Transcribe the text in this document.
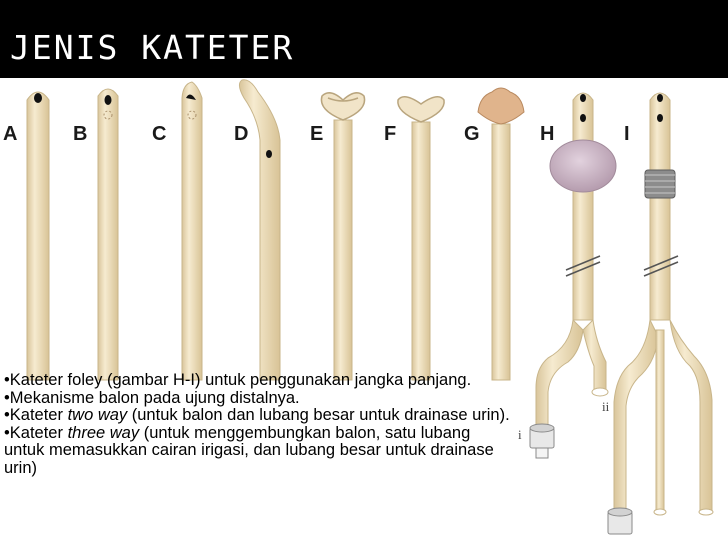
JENIS KATETER
A	B	C	D	E	F	G	H	I
i
ii
•Kateter foley (gambar H-I) untuk penggunakan jangka panjang.
•Mekanisme balon pada ujung distalnya.
•Kateter two way (untuk balon dan lubang besar untuk drainase urin).
•Kateter three way (untuk menggembungkan balon, satu lubang untuk memasukkan cairan irigasi, dan lubang besar untuk drainase urin)
